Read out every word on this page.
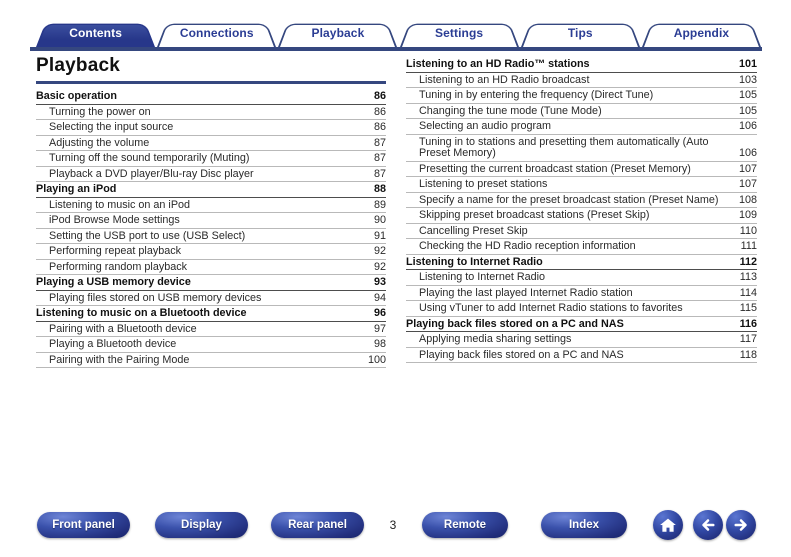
Contents	Connections	Playback	Settings	Tips	Appendix
Playback
Basic operation	86
Turning the power on	86
Selecting the input source	86
Adjusting the volume	87
Turning off the sound temporarily (Muting)	87
Playback a DVD player/Blu-ray Disc player	87
Playing an iPod	88
Listening to music on an iPod	89
iPod Browse Mode settings	90
Setting the USB port to use (USB Select)	91
Performing repeat playback	92
Performing random playback	92
Playing a USB memory device	93
Playing files stored on USB memory devices	94
Listening to music on a Bluetooth device	96
Pairing with a Bluetooth device	97
Playing a Bluetooth device	98
Pairing with the Pairing Mode	100
Listening to an HD Radio™ stations	101
Listening to an HD Radio broadcast	103
Tuning in by entering the frequency (Direct Tune)	105
Changing the tune mode (Tune Mode)	105
Selecting an audio program	106
Tuning in to stations and presetting them automatically (Auto Preset Memory)	106
Presetting the current broadcast station (Preset Memory)	107
Listening to preset stations	107
Specify a name for the preset broadcast station (Preset Name)	108
Skipping preset broadcast stations (Preset Skip)	109
Cancelling Preset Skip	110
Checking the HD Radio reception information	111
Listening to Internet Radio	112
Listening to Internet Radio	113
Playing the last played Internet Radio station	114
Using vTuner to add Internet Radio stations to favorites	115
Playing back files stored on a PC and NAS	116
Applying media sharing settings	117
Playing back files stored on a PC and NAS	118
Front panel	Display	Rear panel	3	Remote	Index
